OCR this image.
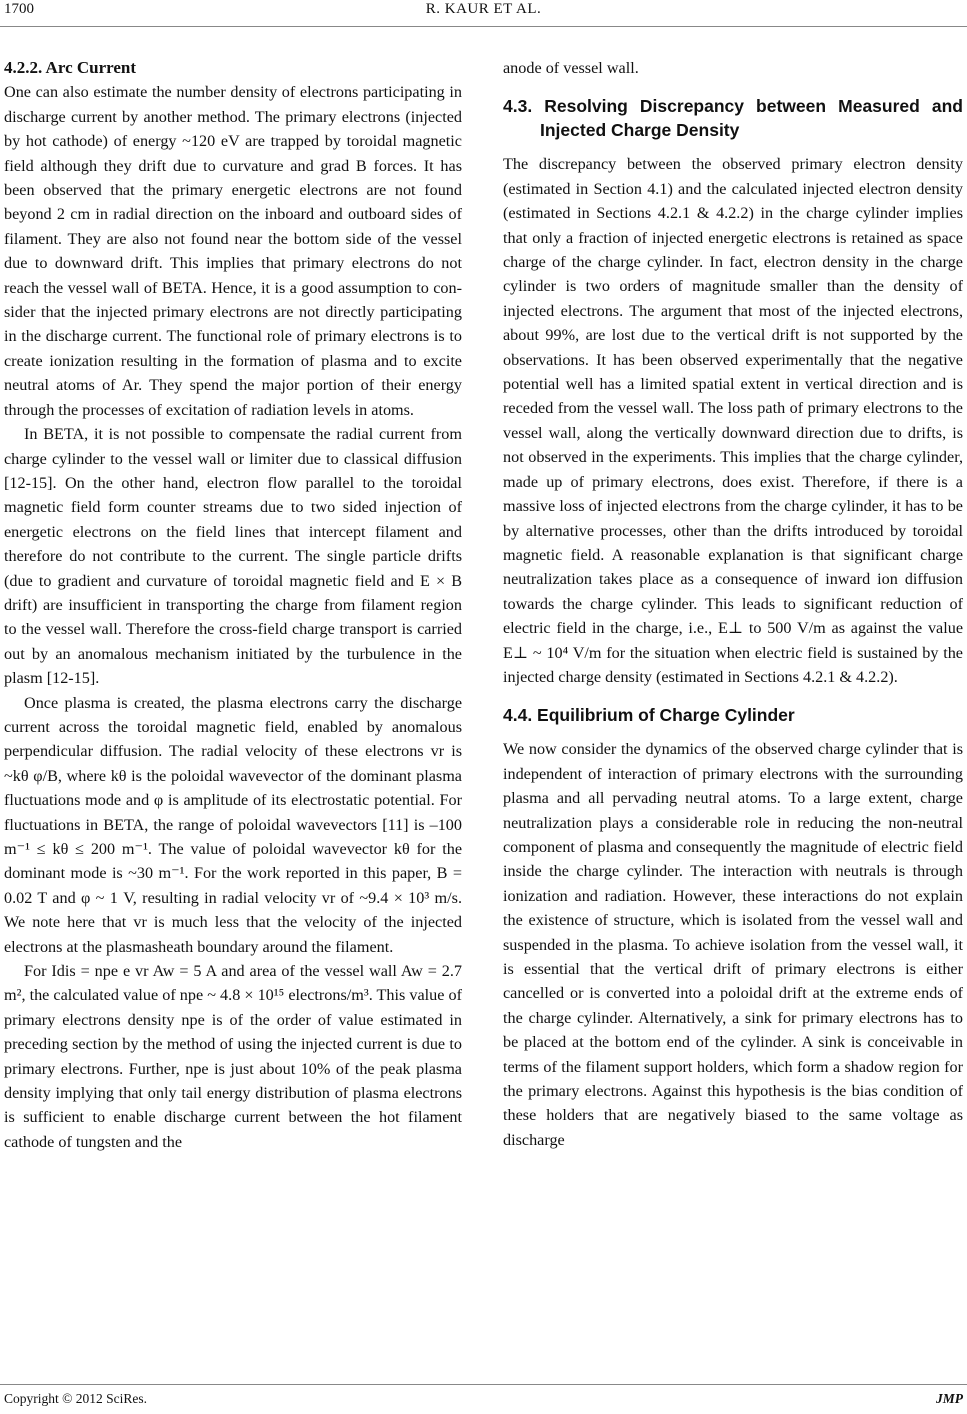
1700	R. KAUR ET AL.
4.2.2. Arc Current

One can also estimate the number density of electrons participating in discharge current by another method. The primary electrons (injected by hot cathode) of energy ~120 eV are trapped by toroidal magnetic field although they drift due to curvature and grad B forces. It has been observed that the primary energetic electrons are not found beyond 2 cm in radial direction on the inboard and outboard sides of filament. They are also not found near the bottom side of the vessel due to downward drift. This implies that primary electrons do not reach the vessel wall of BETA. Hence, it is a good assumption to consider that the injected primary electrons are not directly participating in the discharge current. The functional role of primary electrons is to create ionization resulting in the formation of plasma and to excite neutral atoms of Ar. They spend the major portion of their energy through the processes of excitation of radiation levels in atoms.

In BETA, it is not possible to compensate the radial current from charge cylinder to the vessel wall or limiter due to classical diffusion [12-15]. On the other hand, electron flow parallel to the toroidal magnetic field form counter streams due to two sided injection of energetic electrons on the field lines that intercept filament and therefore do not contribute to the current. The single particle drifts (due to gradient and curvature of toroidal magnetic field and E × B drift) are insufficient in transporting the charge from filament region to the vessel wall. Therefore the cross-field charge transport is carried out by an anomalous mechanism initiated by the turbulence in the plasm [12-15].

Once plasma is created, the plasma electrons carry the discharge current across the toroidal magnetic field, enabled by anomalous perpendicular diffusion. The radial velocity of these electrons vr is ~kθ φ/B, where kθ is the poloidal wavevector of the dominant plasma fluctuations mode and φ is amplitude of its electrostatic potential. For fluctuations in BETA, the range of poloidal wavevectors [11] is –100 m⁻¹ ≤ kθ ≤ 200 m⁻¹. The value of poloidal wavevector kθ for the dominant mode is ~30 m⁻¹. For the work reported in this paper, B = 0.02 T and φ ~ 1 V, resulting in radial velocity vr of ~9.4 × 10³ m/s. We note here that vr is much less that the velocity of the injected electrons at the plasmasheath boundary around the filament.

For Idis = npe e vr Aw = 5 A and area of the vessel wall Aw = 2.7 m², the calculated value of npe ~ 4.8 × 10¹⁵ electrons/m³. This value of primary electrons density npe is of the order of value estimated in preceding section by the method of using the injected current is due to primary electrons. Further, npe is just about 10% of the peak plasma density implying that only tail energy distribution of plasma electrons is sufficient to enable discharge current between the hot filament cathode of tungsten and the

anode of vessel wall.

4.3. Resolving Discrepancy between Measured and Injected Charge Density

The discrepancy between the observed primary electron density (estimated in Section 4.1) and the calculated injected electron density (estimated in Sections 4.2.1 & 4.2.2) in the charge cylinder implies that only a fraction of injected energetic electrons is retained as space charge of the charge cylinder. In fact, electron density in the charge cylinder is two orders of magnitude smaller than the density of injected electrons. The argument that most of the injected electrons, about 99%, are lost due to the vertical drift is not supported by the observations. It has been observed experimentally that the negative potential well has a limited spatial extent in vertical direction and is receded from the vessel wall. The loss path of primary electrons to the vessel wall, along the vertically downward direction due to drifts, is not observed in the experiments. This implies that the charge cylinder, made up of primary electrons, does exist. Therefore, if there is a massive loss of injected electrons from the charge cylinder, it has to be by alternative processes, other than the drifts introduced by toroidal magnetic field. A reasonable explanation is that significant charge neutralization takes place as a consequence of inward ion diffusion towards the charge cylinder. This leads to significant reduction of electric field in the charge, i.e., E⊥ to 500 V/m as against the value E⊥ ~ 10⁴ V/m for the situation when electric field is sustained by the injected charge density (estimated in Sections 4.2.1 & 4.2.2).

4.4. Equilibrium of Charge Cylinder

We now consider the dynamics of the observed charge cylinder that is independent of interaction of primary electrons with the surrounding plasma and all pervading neutral atoms. To a large extent, charge neutralization plays a considerable role in reducing the non-neutral component of plasma and consequently the magnitude of electric field inside the charge cylinder. The interaction with neutrals is through ionization and radiation. However, these interactions do not explain the existence of structure, which is isolated from the vessel wall and suspended in the plasma. To achieve isolation from the vessel wall, it is essential that the vertical drift of primary electrons is either cancelled or is converted into a poloidal drift at the extreme ends of the charge cylinder. Alternatively, a sink for primary electrons has to be placed at the bottom end of the cylinder. A sink is conceivable in terms of the filament support holders, which form a shadow region for the primary electrons. Against this hypothesis is the bias condition of these holders that are negatively biased to the same voltage as discharge

Copyright © 2012 SciRes.	JMP
